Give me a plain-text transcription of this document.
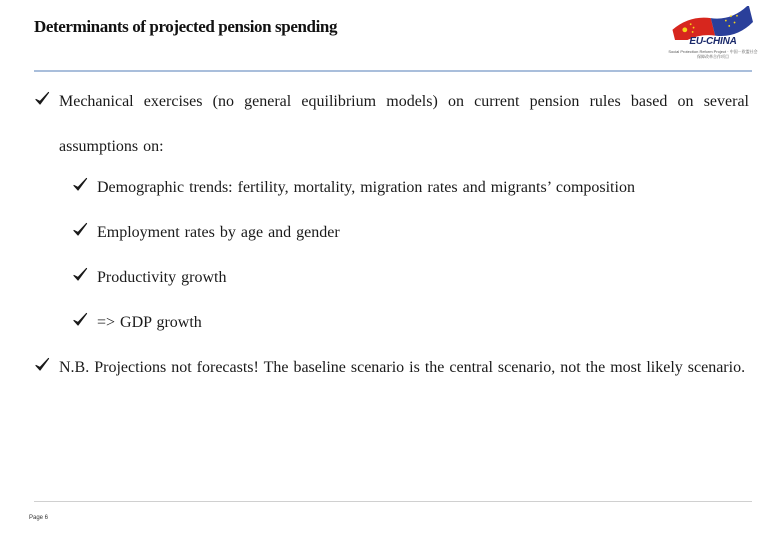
Determinants of projected pension spending
EU-CHINA
Social Protection Reform Project · 中国－欧盟社会保障改革合作项目
Mechanical exercises (no general equilibrium models) on current pension rules based on several assumptions on:
Demographic trends: fertility, mortality, migration rates and migrants’ composition
Employment rates by age and gender
Productivity growth
=> GDP growth
N.B. Projections not forecasts! The baseline scenario is the central scenario, not the most likely scenario.
Page 6
